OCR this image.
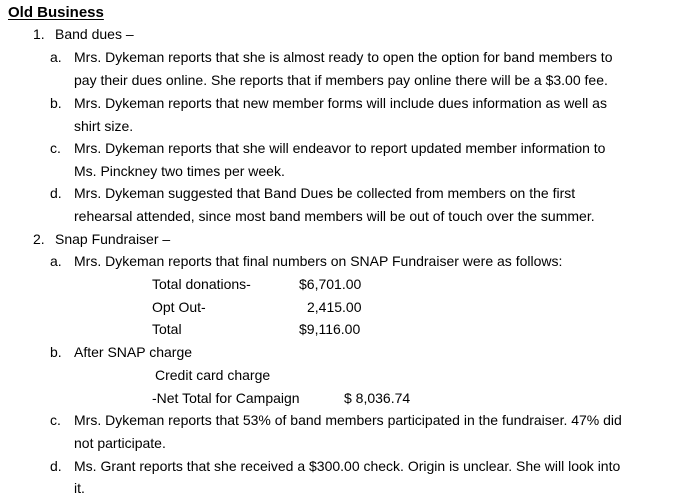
Old Business
1. Band dues –
a. Mrs. Dykeman reports that she is almost ready to open the option for band members to
pay their dues online. She reports that if members pay online there will be a $3.00 fee.
b. Mrs. Dykeman reports that new member forms will include dues information as well as
shirt size.
c. Mrs. Dykeman reports that she will endeavor to report updated member information to
Ms. Pinckney two times per week.
d. Mrs. Dykeman suggested that Band Dues be collected from members on the first
rehearsal attended, since most band members will be out of touch over the summer.
2. Snap Fundraiser –
a. Mrs. Dykeman reports that final numbers on SNAP Fundraiser were as follows:
Total donations-	$6,701.00
Opt Out-	2,415.00
Total	$9,116.00
b. After SNAP charge
Credit card charge
-Net Total for Campaign	$ 8,036.74
c. Mrs. Dykeman reports that 53% of band members participated in the fundraiser. 47% did
not participate.
d. Ms. Grant reports that she received a $300.00 check. Origin is unclear. She will look into
it.
